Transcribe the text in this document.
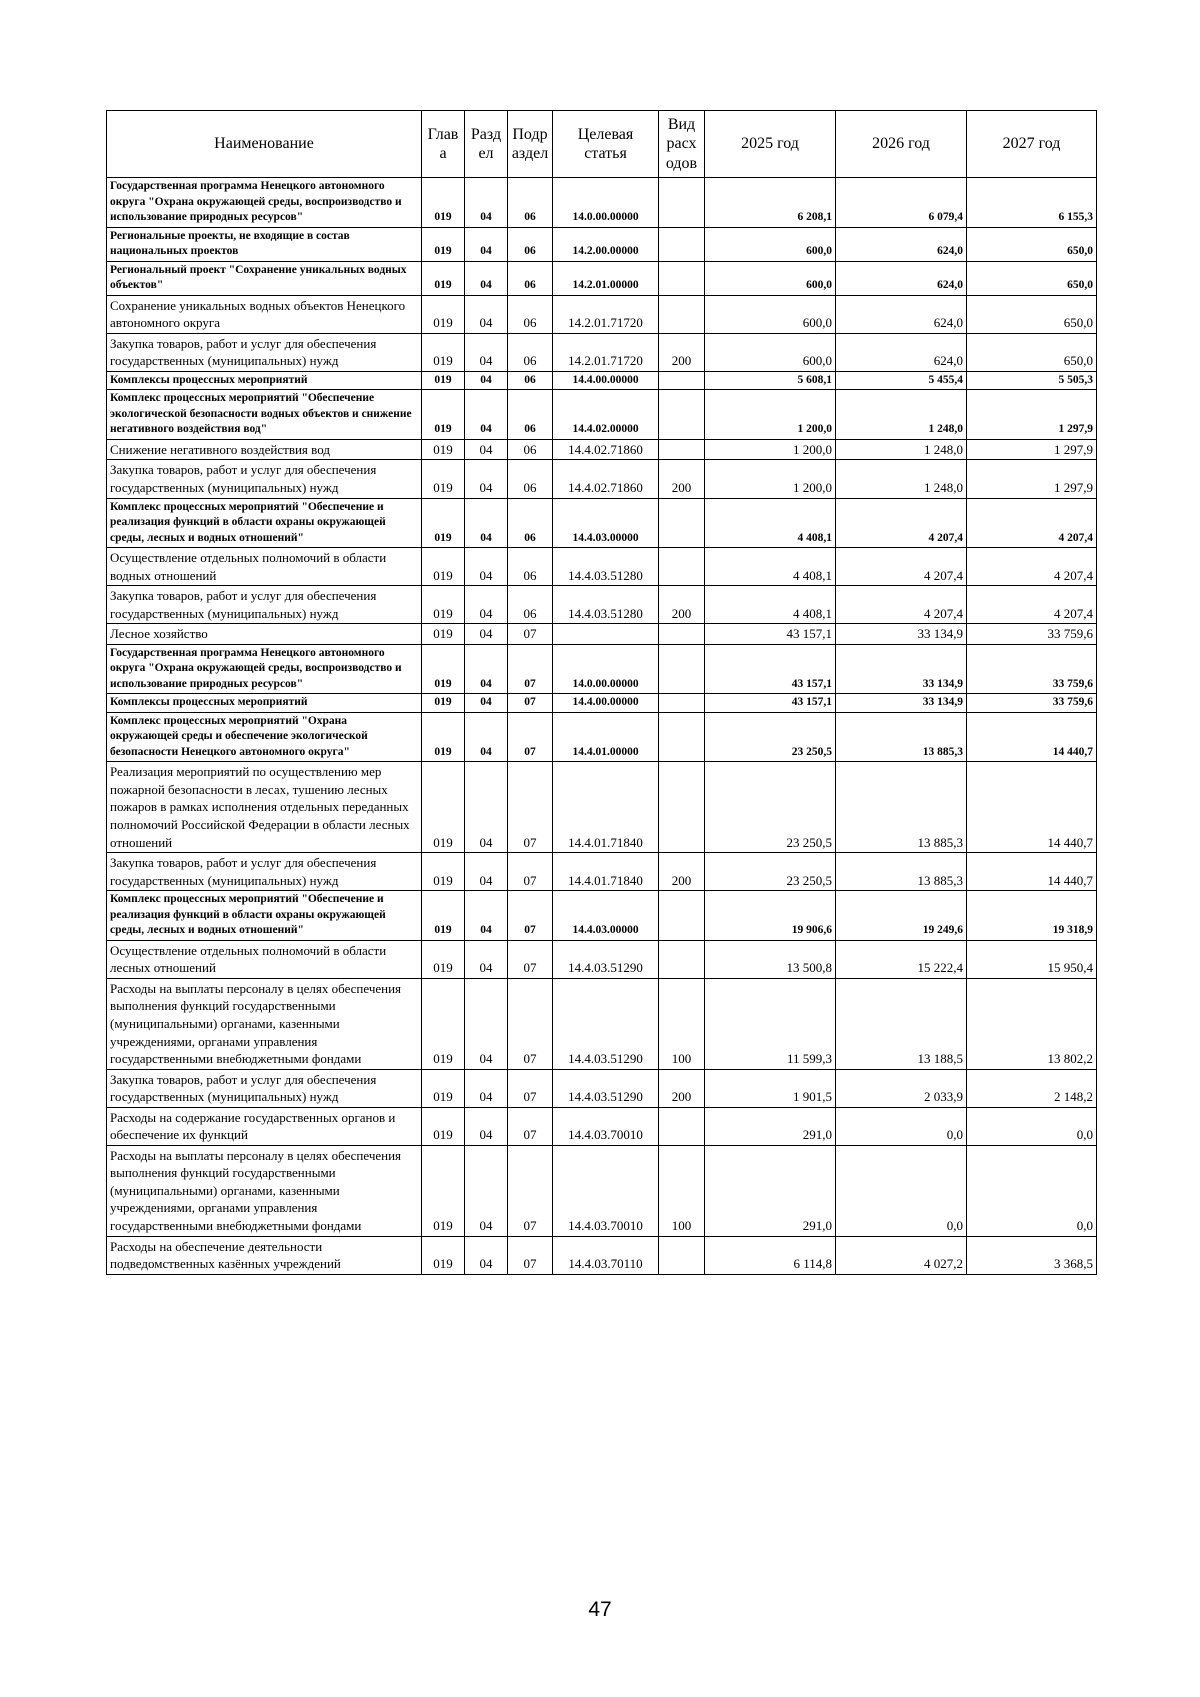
Наименование	Глав а	Разд ел	Подр аздел	Целевая статья	Вид расх одов	2025 год	2026 год	2027 год
Государственная программа Ненецкого автономного округа "Охрана окружающей среды, воспроизводство и использование природных ресурсов"	019	04	06	14.0.00.00000		6 208,1	6 079,4	6 155,3
Региональные проекты, не входящие в состав национальных проектов	019	04	06	14.2.00.00000		600,0	624,0	650,0
Региональный проект "Сохранение уникальных водных объектов"	019	04	06	14.2.01.00000		600,0	624,0	650,0
Сохранение уникальных водных объектов Ненецкого автономного округа	019	04	06	14.2.01.71720		600,0	624,0	650,0
Закупка товаров, работ и услуг для обеспечения государственных (муниципальных) нужд	019	04	06	14.2.01.71720	200	600,0	624,0	650,0
Комплексы процессных мероприятий	019	04	06	14.4.00.00000		5 608,1	5 455,4	5 505,3
Комплекс процессных мероприятий "Обеспечение экологической безопасности водных объектов и снижение негативного воздействия вод"	019	04	06	14.4.02.00000		1 200,0	1 248,0	1 297,9
Снижение негативного воздействия вод	019	04	06	14.4.02.71860		1 200,0	1 248,0	1 297,9
Закупка товаров, работ и услуг для обеспечения государственных (муниципальных) нужд	019	04	06	14.4.02.71860	200	1 200,0	1 248,0	1 297,9
Комплекс процессных мероприятий "Обеспечение и реализация функций в области охраны окружающей среды, лесных и водных отношений"	019	04	06	14.4.03.00000		4 408,1	4 207,4	4 207,4
Осуществление отдельных полномочий в области водных отношений	019	04	06	14.4.03.51280		4 408,1	4 207,4	4 207,4
Закупка товаров, работ и услуг для обеспечения государственных (муниципальных) нужд	019	04	06	14.4.03.51280	200	4 408,1	4 207,4	4 207,4
Лесное хозяйство	019	04	07			43 157,1	33 134,9	33 759,6
Государственная программа Ненецкого автономного округа "Охрана окружающей среды, воспроизводство и использование природных ресурсов"	019	04	07	14.0.00.00000		43 157,1	33 134,9	33 759,6
Комплексы процессных мероприятий	019	04	07	14.4.00.00000		43 157,1	33 134,9	33 759,6
Комплекс процессных мероприятий "Охрана окружающей среды и обеспечение экологической безопасности Ненецкого автономного округа"	019	04	07	14.4.01.00000		23 250,5	13 885,3	14 440,7
Реализация мероприятий по осуществлению мер пожарной безопасности в лесах, тушению лесных пожаров в рамках исполнения отдельных переданных полномочий Российской Федерации в области лесных отношений	019	04	07	14.4.01.71840		23 250,5	13 885,3	14 440,7
Закупка товаров, работ и услуг для обеспечения государственных (муниципальных) нужд	019	04	07	14.4.01.71840	200	23 250,5	13 885,3	14 440,7
Комплекс процессных мероприятий "Обеспечение и реализация функций в области охраны окружающей среды, лесных и водных отношений"	019	04	07	14.4.03.00000		19 906,6	19 249,6	19 318,9
Осуществление отдельных полномочий в области лесных отношений	019	04	07	14.4.03.51290		13 500,8	15 222,4	15 950,4
Расходы на выплаты персоналу в целях обеспечения выполнения функций государственными (муниципальными) органами, казенными учреждениями, органами управления государственными внебюджетными фондами	019	04	07	14.4.03.51290	100	11 599,3	13 188,5	13 802,2
Закупка товаров, работ и услуг для обеспечения государственных (муниципальных) нужд	019	04	07	14.4.03.51290	200	1 901,5	2 033,9	2 148,2
Расходы на содержание государственных органов и обеспечение их функций	019	04	07	14.4.03.70010		291,0	0,0	0,0
Расходы на выплаты персоналу в целях обеспечения выполнения функций государственными (муниципальными) органами, казенными учреждениями, органами управления государственными внебюджетными фондами	019	04	07	14.4.03.70010	100	291,0	0,0	0,0
Расходы на обеспечение деятельности подведомственных казённых учреждений	019	04	07	14.4.03.70110		6 114,8	4 027,2	3 368,5
47
